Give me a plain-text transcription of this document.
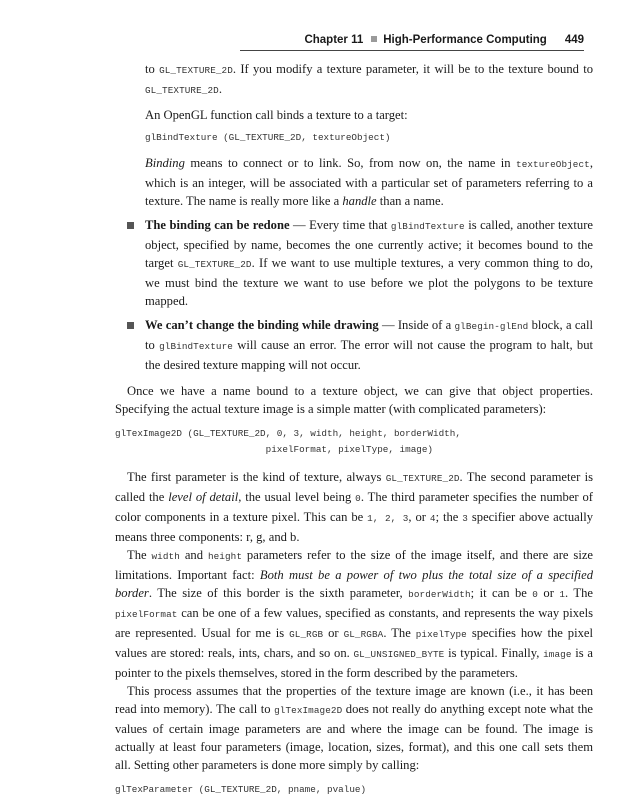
Chapter 11 High-Performance Computing 449

to GL_TEXTURE_2D. If you modify a texture parameter, it will be to the texture bound to GL_TEXTURE_2D.

An OpenGL function call binds a texture to a target:

glBindTexture (GL_TEXTURE_2D, textureObject)

Binding means to connect or to link. So, from now on, the name in textureObject, which is an integer, will be associated with a particular set of parameters referring to a texture. The name is really more like a handle than a name.

The binding can be redone — Every time that glBindTexture is called, another texture object, specified by name, becomes the one currently active; it becomes bound to the target GL_TEXTURE_2D. If we want to use multiple textures, a very common thing to do, we must bind the texture we want to use before we plot the polygons to be texture mapped.

We can’t change the binding while drawing — Inside of a glBegin-glEnd block, a call to glBindTexture will cause an error. The error will not cause the program to halt, but the desired texture mapping will not occur.

Once we have a name bound to a texture object, we can give that object properties. Specifying the actual texture image is a simple matter (with complicated parameters):

glTexImage2D (GL_TEXTURE_2D, 0, 3, width, height, borderWidth,
pixelFormat, pixelType, image)

The first parameter is the kind of texture, always GL_TEXTURE_2D. The second parameter is called the level of detail, the usual level being 0. The third parameter specifies the number of color components in a texture pixel. This can be 1, 2, 3, or 4; the 3 specifier above actually means three components: r, g, and b.

The width and height parameters refer to the size of the image itself, and there are size limitations. Important fact: Both must be a power of two plus the total size of a specified border. The size of this border is the sixth parameter, borderWidth; it can be 0 or 1. The pixelFormat can be one of a few values, specified as constants, and represents the way pixels are represented. Usual for me is GL_RGB or GL_RGBA. The pixelType specifies how the pixel values are stored: reals, ints, chars, and so on. GL_UNSIGNED_BYTE is typical. Finally, image is a pointer to the pixels themselves, stored in the form described by the parameters.

This process assumes that the properties of the texture image are known (i.e., it has been read into memory). The call to glTexImage2D does not really do anything except note what the values of certain image parameters are and where the image can be found. The image is actually at least four parameters (image, location, sizes, format), and this one call sets them all. Setting other parameters is done more simply by calling:

glTexParameter (GL_TEXTURE_2D, pname, pvalue)
